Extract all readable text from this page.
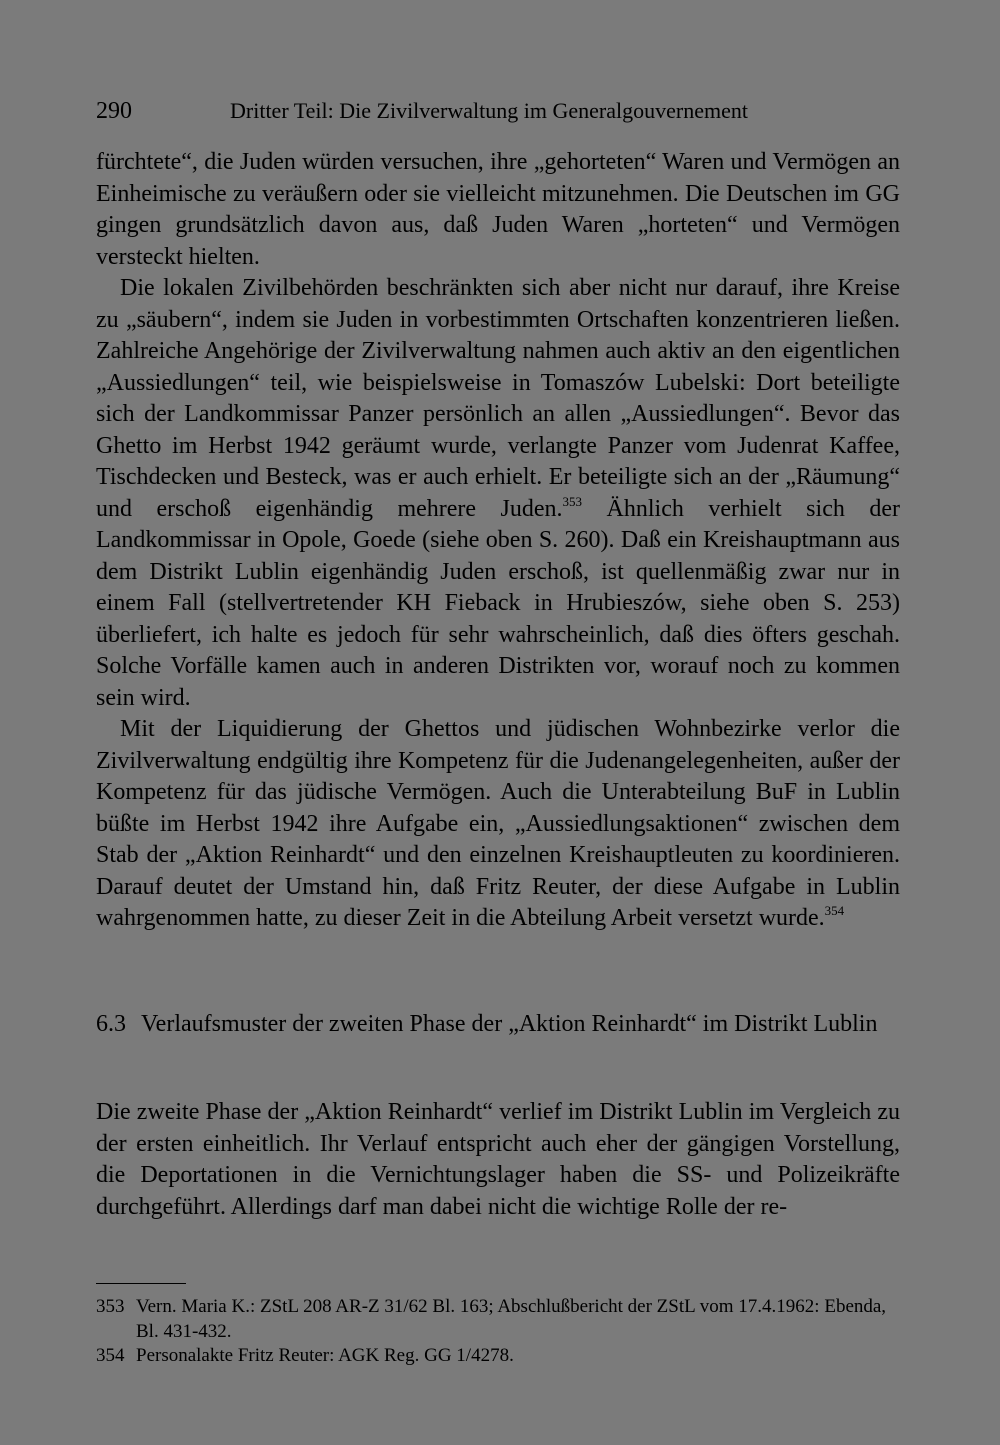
290	Dritter Teil: Die Zivilverwaltung im Generalgouvernement

fürchtete“, die Juden würden versuchen, ihre „gehorteten“ Waren und Vermögen an Einheimische zu veräußern oder sie vielleicht mitzunehmen. Die Deutschen im GG gingen grundsätzlich davon aus, daß Juden Waren „horteten“ und Vermögen versteckt hielten.

Die lokalen Zivilbehörden beschränkten sich aber nicht nur darauf, ihre Kreise zu „säubern“, indem sie Juden in vorbestimmten Ortschaften konzentrieren ließen. Zahlreiche Angehörige der Zivilverwaltung nahmen auch aktiv an den eigentlichen „Aussiedlungen“ teil, wie beispielsweise in Tomaszów Lubelski: Dort beteiligte sich der Landkommissar Panzer persönlich an allen „Aussiedlungen“. Bevor das Ghetto im Herbst 1942 geräumt wurde, verlangte Panzer vom Judenrat Kaffee, Tischdecken und Besteck, was er auch erhielt. Er beteiligte sich an der „Räumung“ und erschoß eigenhändig mehrere Juden.$^{353}$ Ähnlich verhielt sich der Landkommissar in Opole, Goede (siehe oben S. 260). Daß ein Kreishauptmann aus dem Distrikt Lublin eigenhändig Juden erschoß, ist quellenmäßig zwar nur in einem Fall (stellvertretender KH Fieback in Hrubieszów, siehe oben S. 253) überliefert, ich halte es jedoch für sehr wahrscheinlich, daß dies öfters geschah. Solche Vorfälle kamen auch in anderen Distrikten vor, worauf noch zu kommen sein wird.

Mit der Liquidierung der Ghettos und jüdischen Wohnbezirke verlor die Zivilverwaltung endgültig ihre Kompetenz für die Judenangelegenheiten, außer der Kompetenz für das jüdische Vermögen. Auch die Unterabteilung BuF in Lublin büßte im Herbst 1942 ihre Aufgabe ein, „Aussiedlungsaktionen“ zwischen dem Stab der „Aktion Reinhardt“ und den einzelnen Kreishauptleuten zu koordinieren. Darauf deutet der Umstand hin, daß Fritz Reuter, der diese Aufgabe in Lublin wahrgenommen hatte, zu dieser Zeit in die Abteilung Arbeit versetzt wurde.$^{354}$

6.3 Verlaufsmuster der zweiten Phase der „Aktion Reinhardt“ im Distrikt Lublin
Die zweite Phase der „Aktion Reinhardt“ verlief im Distrikt Lublin im Vergleich zu der ersten einheitlich. Ihr Verlauf entspricht auch eher der gängigen Vorstellung, die Deportationen in die Vernichtungslager haben die SS- und Polizeikräfte durchgeführt. Allerdings darf man dabei nicht die wichtige Rolle der re-
353 Vern. Maria K.: ZStL 208 AR-Z 31/62 Bl. 163; Abschlußbericht der ZStL vom 17.4.1962: Ebenda, Bl. 431-432.
354 Personalakte Fritz Reuter: AGK Reg. GG 1/4278.
